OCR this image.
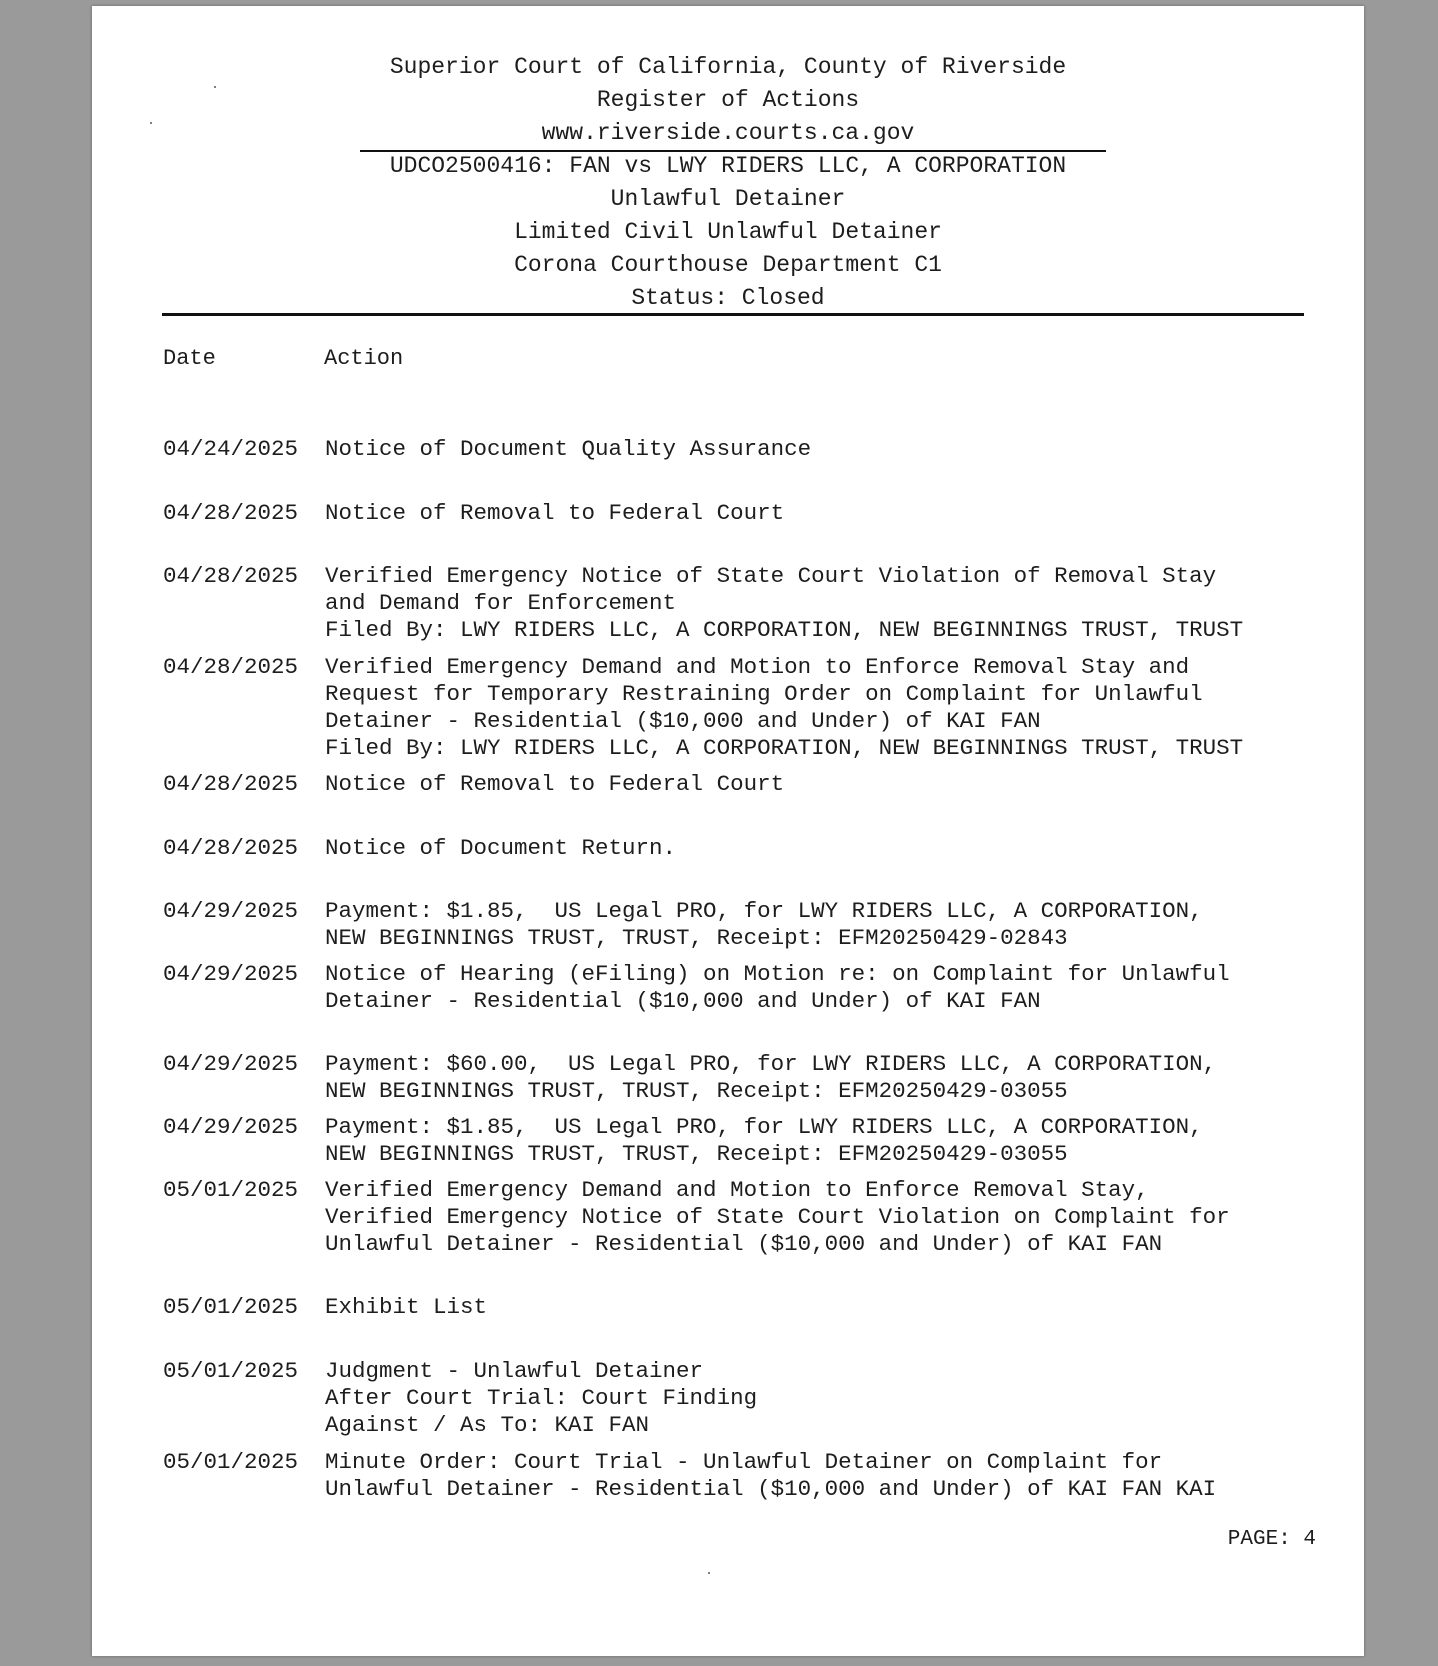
Superior Court of California, County of Riverside
Register of Actions
www.riverside.courts.ca.gov
UDCO2500416: FAN vs LWY RIDERS LLC, A CORPORATION
Unlawful Detainer
Limited Civil Unlawful Detainer
Corona Courthouse Department C1
Status: Closed
Date	Action
04/24/2025 Notice of Document Quality Assurance
04/28/2025 Notice of Removal to Federal Court
04/28/2025 Verified Emergency Notice of State Court Violation of Removal Stay
and Demand for Enforcement
Filed By: LWY RIDERS LLC, A CORPORATION, NEW BEGINNINGS TRUST, TRUST
04/28/2025 Verified Emergency Demand and Motion to Enforce Removal Stay and
Request for Temporary Restraining Order on Complaint for Unlawful
Detainer - Residential ($10,000 and Under) of KAI FAN
Filed By: LWY RIDERS LLC, A CORPORATION, NEW BEGINNINGS TRUST, TRUST
04/28/2025 Notice of Removal to Federal Court
04/28/2025 Notice of Document Return.
04/29/2025 Payment: $1.85,  US Legal PRO, for LWY RIDERS LLC, A CORPORATION,
NEW BEGINNINGS TRUST, TRUST, Receipt: EFM20250429-02843
04/29/2025 Notice of Hearing (eFiling) on Motion re: on Complaint for Unlawful
Detainer - Residential ($10,000 and Under) of KAI FAN
04/29/2025 Payment: $60.00,  US Legal PRO, for LWY RIDERS LLC, A CORPORATION,
NEW BEGINNINGS TRUST, TRUST, Receipt: EFM20250429-03055
04/29/2025 Payment: $1.85,  US Legal PRO, for LWY RIDERS LLC, A CORPORATION,
NEW BEGINNINGS TRUST, TRUST, Receipt: EFM20250429-03055
05/01/2025 Verified Emergency Demand and Motion to Enforce Removal Stay,
Verified Emergency Notice of State Court Violation on Complaint for
Unlawful Detainer - Residential ($10,000 and Under) of KAI FAN
05/01/2025 Exhibit List
05/01/2025 Judgment - Unlawful Detainer
After Court Trial: Court Finding
Against / As To: KAI FAN
05/01/2025 Minute Order: Court Trial - Unlawful Detainer on Complaint for
Unlawful Detainer - Residential ($10,000 and Under) of KAI FAN KAI
PAGE: 4
